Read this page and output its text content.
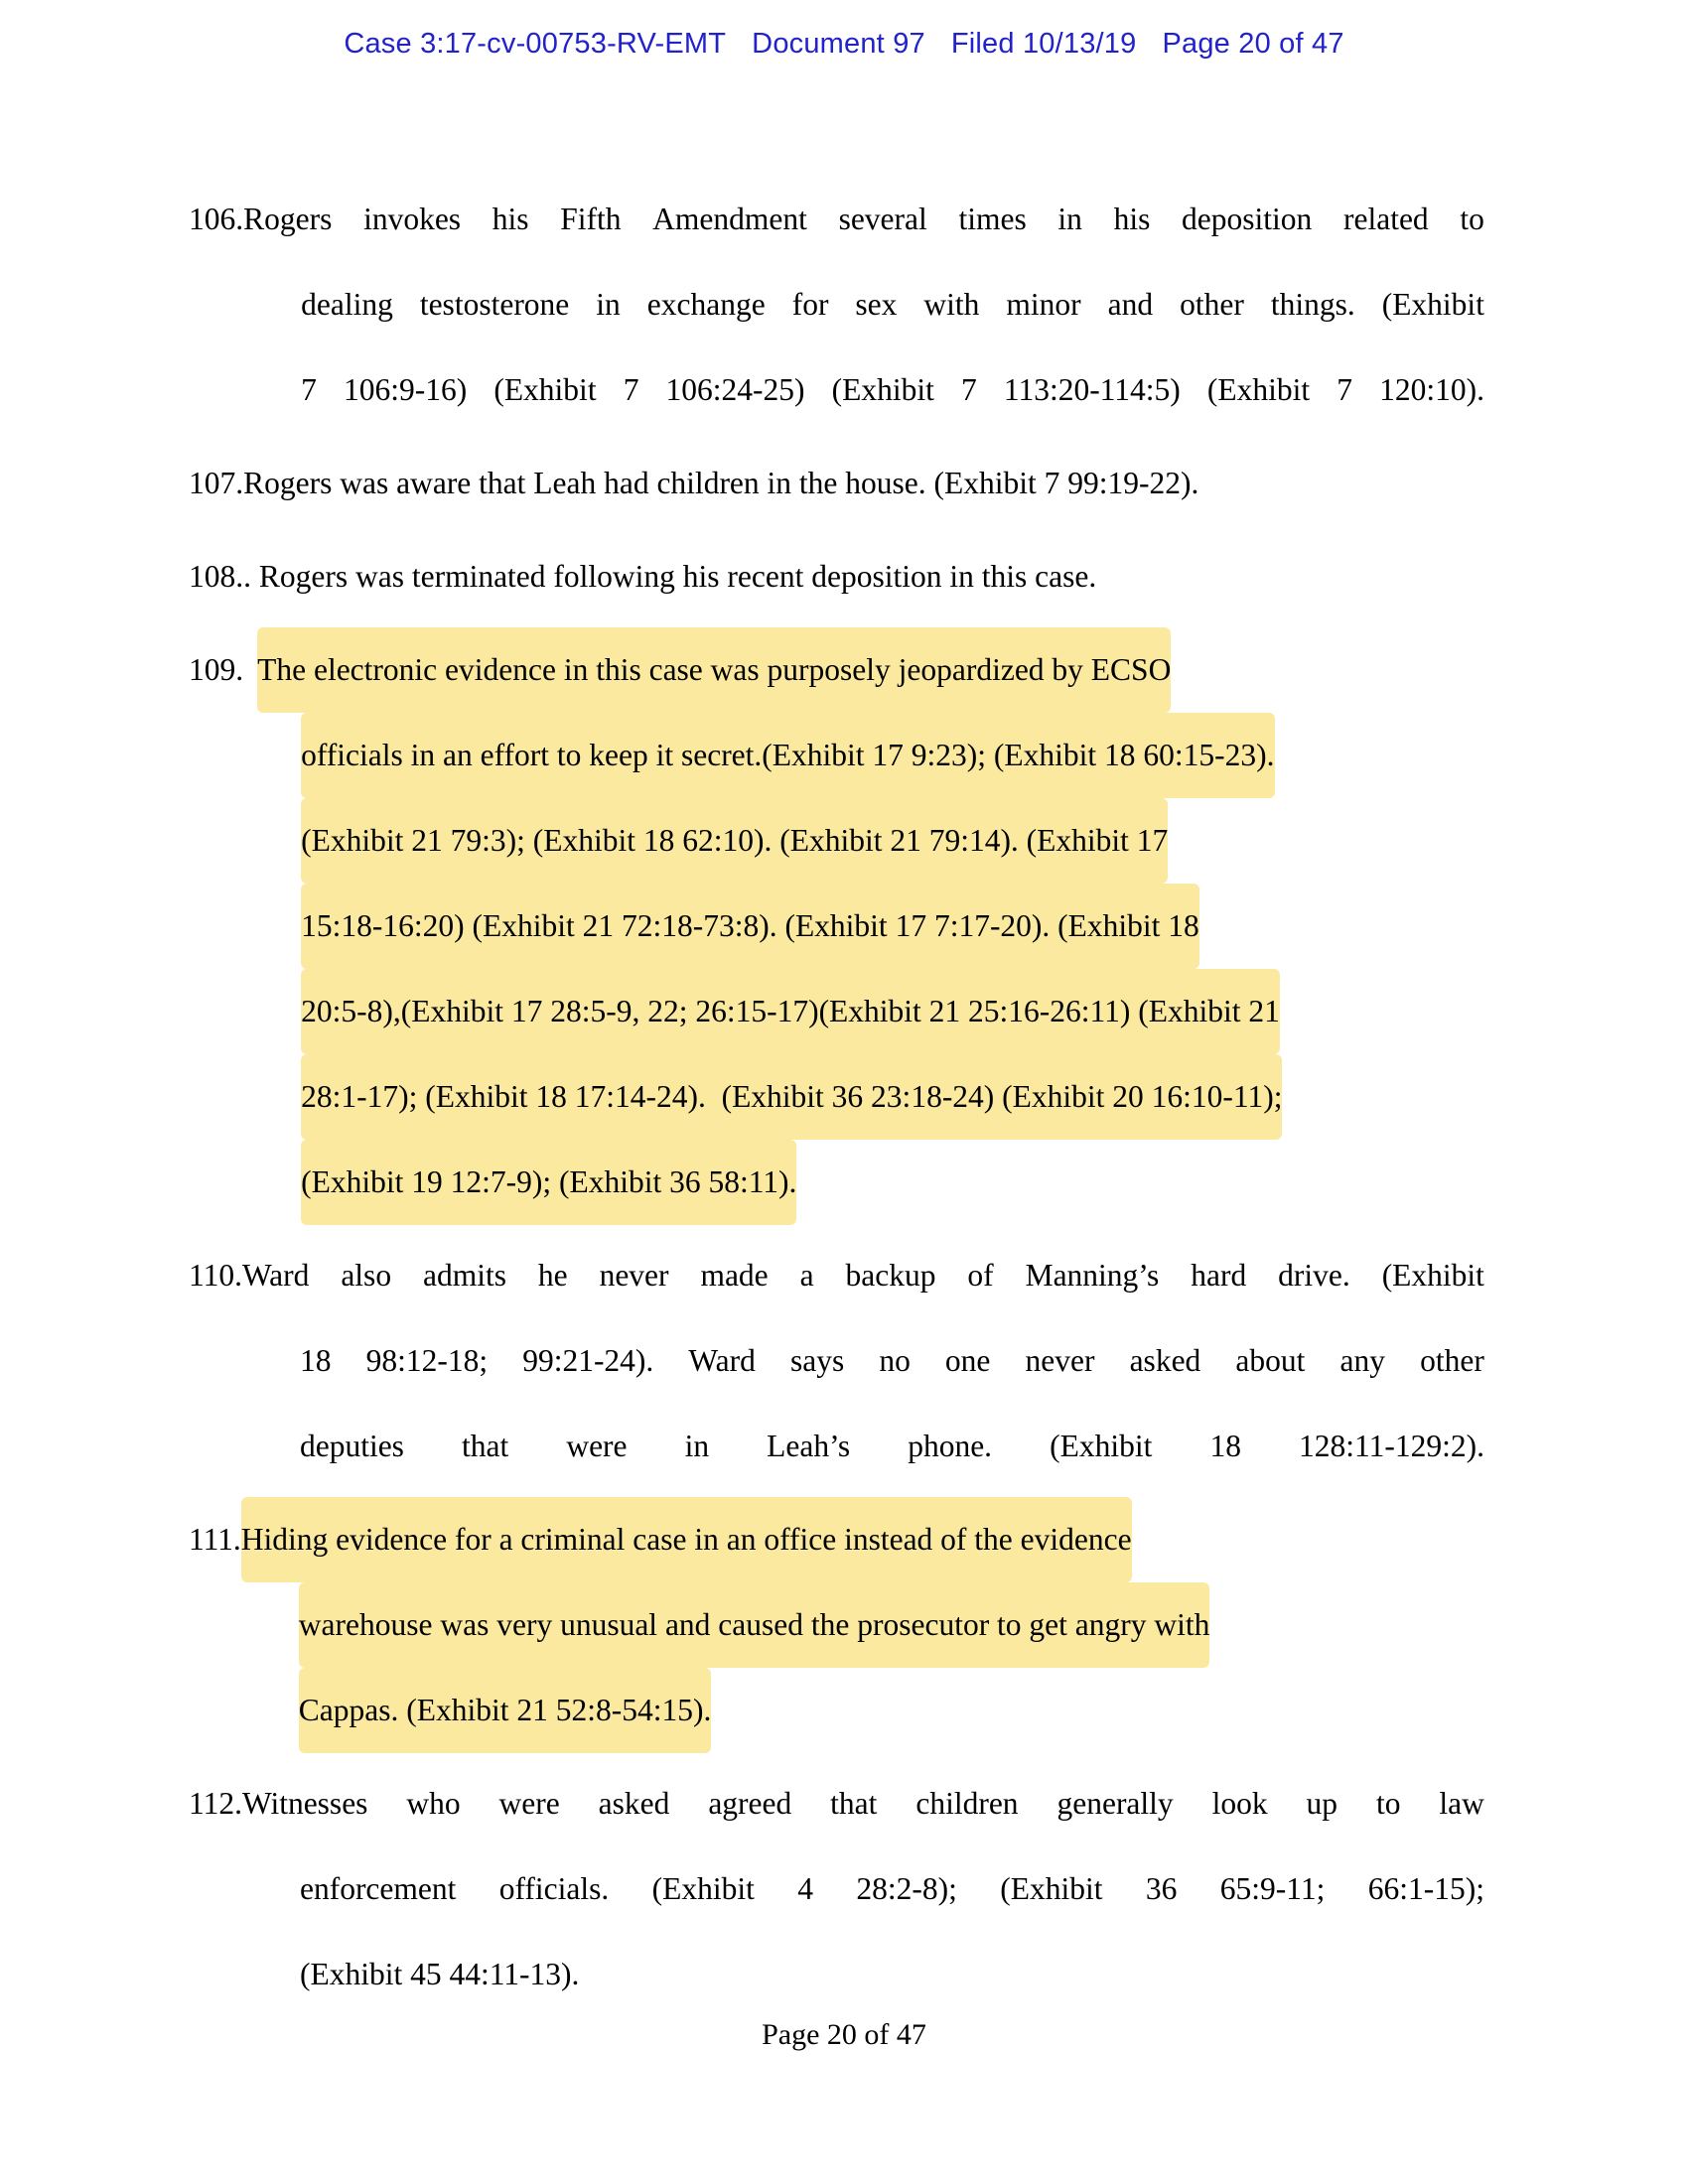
Case 3:17-cv-00753-RV-EMT Document 97 Filed 10/13/19 Page 20 of 47
106. Rogers invokes his Fifth Amendment several times in his deposition related to
dealing testosterone in exchange for sex with minor and other things. (Exhibit
7 106:9-16) (Exhibit 7 106:24-25) (Exhibit 7 113:20-114:5) (Exhibit 7 120:10).
107. Rogers was aware that Leah had children in the house. (Exhibit 7 99:19-22).
108. . Rogers was terminated following his recent deposition in this case.
109. The electronic evidence in this case was purposely jeopardized by ECSO
officials in an effort to keep it secret.(Exhibit 17 9:23); (Exhibit 18 60:15-23).
(Exhibit 21 79:3); (Exhibit 18 62:10). (Exhibit 21 79:14). (Exhibit 17
15:18-16:20) (Exhibit 21 72:18-73:8). (Exhibit 17 7:17-20). (Exhibit 18
20:5-8),(Exhibit 17 28:5-9, 22; 26:15-17)(Exhibit 21 25:16-26:11) (Exhibit 21
28:1-17); (Exhibit 18 17:14-24).  (Exhibit 36 23:18-24) (Exhibit 20 16:10-11);
(Exhibit 19 12:7-9); (Exhibit 36 58:11).
110. Ward also admits he never made a backup of Manning’s hard drive. (Exhibit
18 98:12-18; 99:21-24). Ward says no one never asked about any other
deputies that were in Leah’s phone. (Exhibit 18 128:11-129:2).
111. Hiding evidence for a criminal case in an office instead of the evidence
warehouse was very unusual and caused the prosecutor to get angry with
Cappas. (Exhibit 21 52:8-54:15).
112. Witnesses who were asked agreed that children generally look up to law
enforcement officials. (Exhibit 4 28:2-8); (Exhibit 36 65:9-11; 66:1-15);
(Exhibit 45 44:11-13).
Page 20 of 47
